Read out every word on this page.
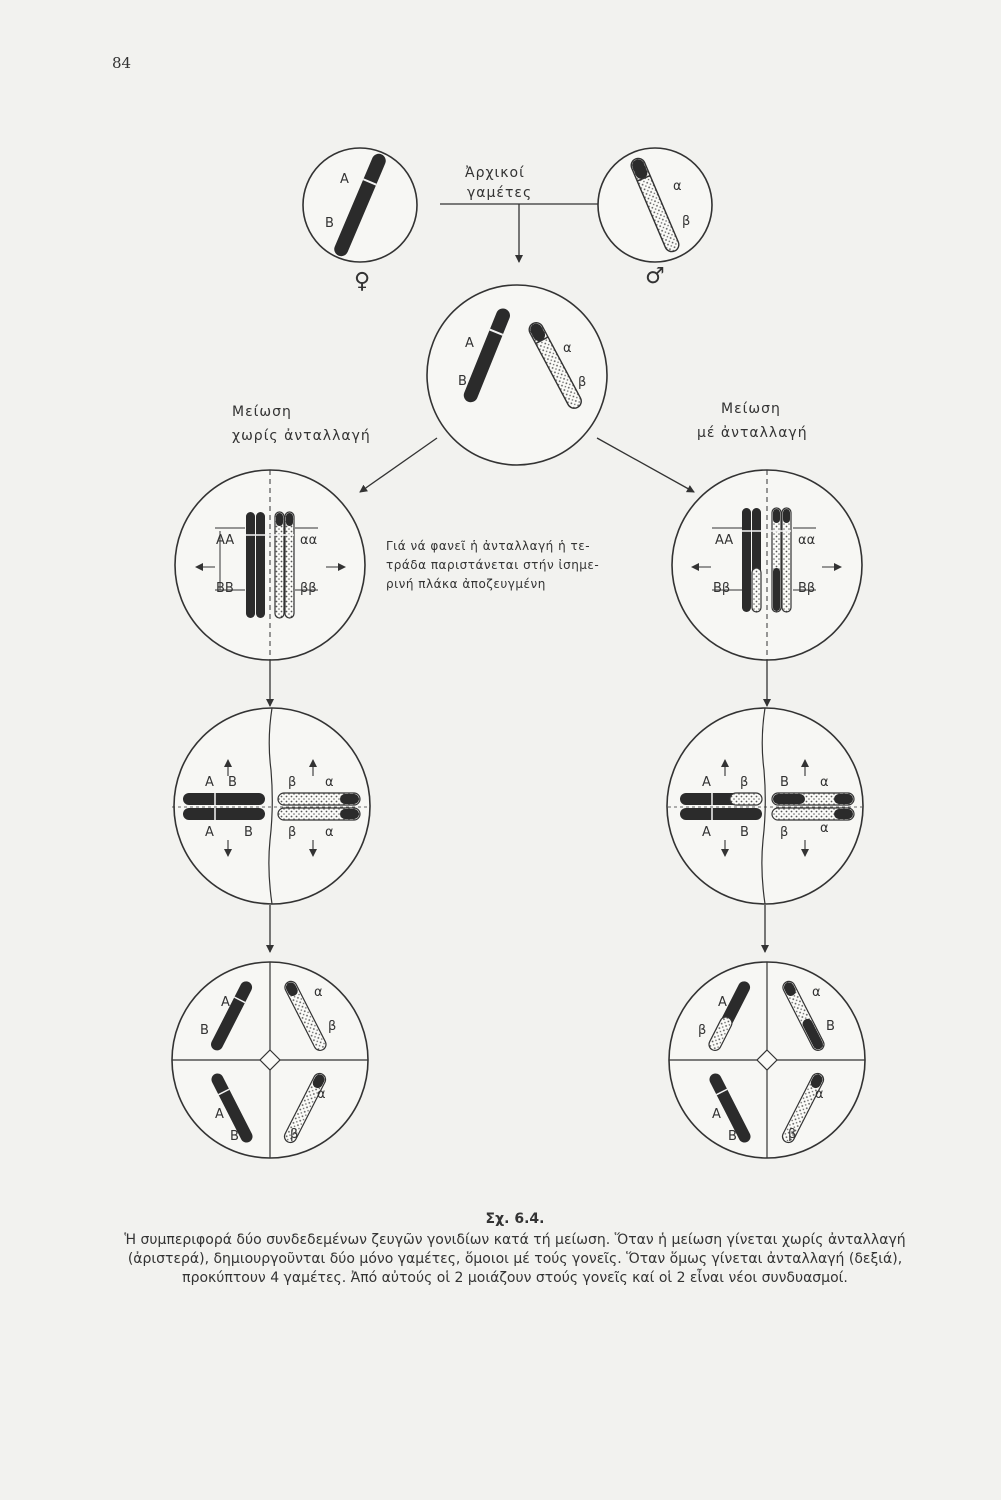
84
A
B
♀
α
β
♂
Ἀρχικοί
γαμέτες
A
B
α
β
Μείωση
χωρίς ἀνταλλαγή
Μείωση
μέ ἀνταλλαγή
AA
BB
αα
ββ
Γιά νά φανεῖ ἡ ἀνταλλαγή ἡ τε-
τράδα παριστάνεται στήν ἰσημε-
ρινή πλάκα ἀποζευγμένη
AA
Bβ
αα
Bβ
A B
A B
β α
β α
A β
A B
B α
β α
A
B
α
β
A
B
α
β
A
β
α
B
A
B
α
β
Σχ. 6.4.
Ἡ συμπεριφορά δύο συνδεδεμένων ζευγῶν γονιδίων κατά τή μείωση. Ὅταν ἡ μείωση γίνεται χωρίς ἀνταλλαγή (ἀριστερά), δημιουργοῦνται δύο μόνο γαμέτες, ὅμοιοι μέ τούς γονεῖς. Ὅταν ὅμως γίνεται ἀνταλλαγή (δεξιά), προκύπτουν 4 γαμέτες. Ἀπό αὐτούς οἱ 2 μοιάζουν στούς γονεῖς καί οἱ 2 εἶναι νέοι συνδυασμοί.
